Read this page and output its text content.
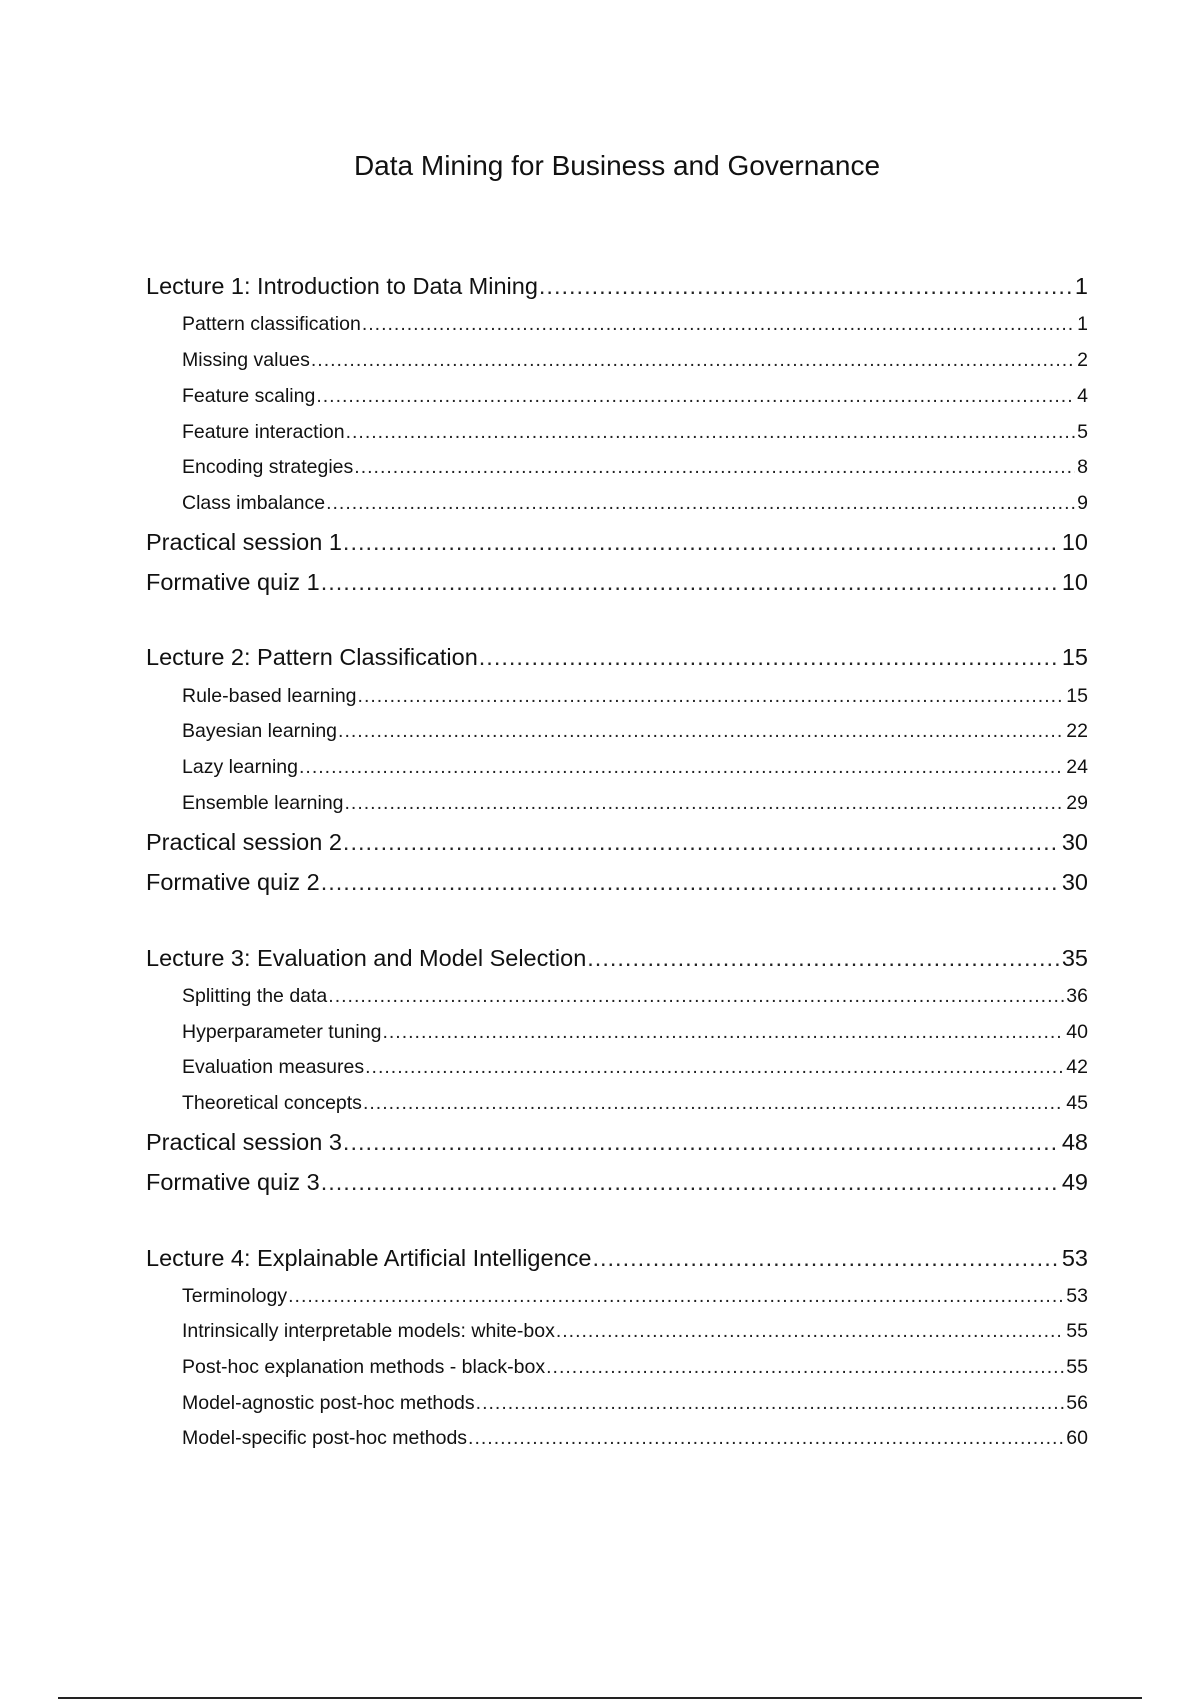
Data Mining for Business and Governance
Lecture 1: Introduction to Data Mining .....	1
Pattern classification .....	1
Missing values .....	2
Feature scaling .....	4
Feature interaction .....	5
Encoding strategies .....	8
Class imbalance .....	9
Practical session 1 .....	10
Formative quiz 1 .....	10
Lecture 2: Pattern Classification .....	15
Rule-based learning .....	15
Bayesian learning .....	22
Lazy learning .....	24
Ensemble learning .....	29
Practical session 2 .....	30
Formative quiz 2 .....	30
Lecture 3: Evaluation and Model Selection .....	35
Splitting the data .....	36
Hyperparameter tuning .....	40
Evaluation measures .....	42
Theoretical concepts .....	45
Practical session 3 .....	48
Formative quiz 3 .....	49
Lecture 4: Explainable Artificial Intelligence .....	53
Terminology .....	53
Intrinsically interpretable models: white-box .....	55
Post-hoc explanation methods - black-box .....	55
Model-agnostic post-hoc methods .....	56
Model-specific post-hoc methods .....	60
